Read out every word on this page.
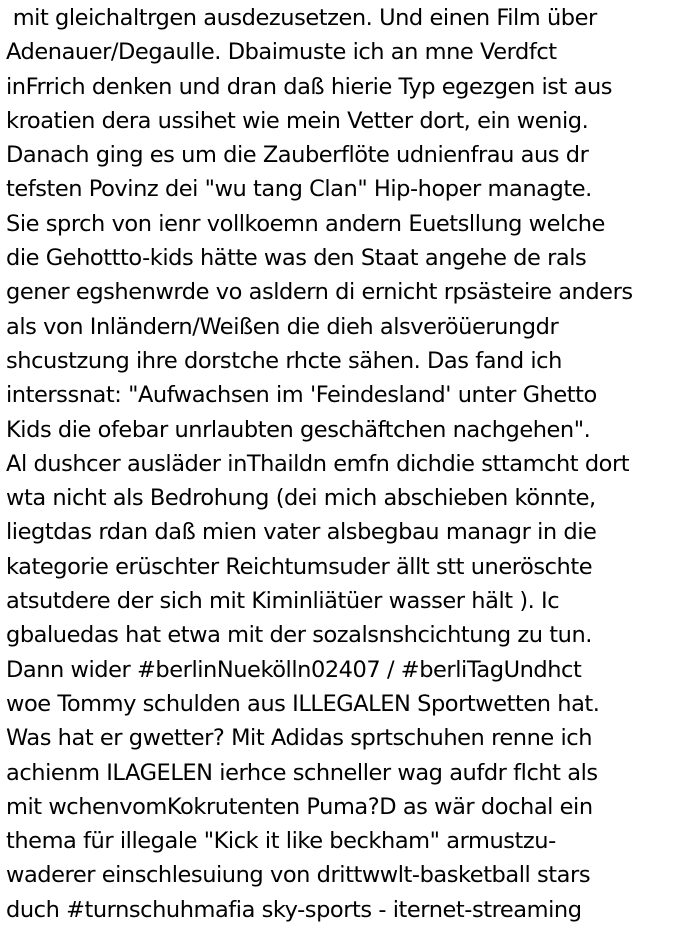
mit gleichaltrgen ausdezusetzen. Und einen Film über
Adenauer/Degaulle. Dbaimuste ich an mne Verdfct
inFrrich denken und dran daß hierie Typ egezgen ist aus
kroatien dera ussihet wie mein Vetter dort, ein wenig.
Danach ging es um die Zauberflöte udnienfrau aus dr
tefsten Povinz dei "wu tang Clan" Hip-hoper managte.
Sie sprch von ienr vollkoemn andern Euetsllung welche
die Gehottto-kids hätte was den Staat angehe de rals
gener egshenwrde vo asldern di ernicht rpsästeire anders
als von Inländern/Weißen die dieh alsveröüerungdr
shcustzung ihre dorstche rhcte sähen. Das fand ich
interssnat: "Aufwachsen im 'Feindesland' unter Ghetto
Kids die ofebar unrlaubten geschäftchen nachgehen".
Al dushcer ausläder inThaildn emfn dichdie sttamcht dort
wta nicht als Bedrohung (dei mich abschieben könnte,
liegtdas rdan daß mien vater alsbegbau managr in die
kategorie erüschter Reichtumsuder ällt stt uneröschte
atsutdere der sich mit Kiminliätüer wasser hält ). Ic
gbaluedas hat etwa mit der sozalsnshcichtung zu tun.
Dann wider #berlinNuekölln02407 / #berliTagUndhct
woe Tommy schulden aus ILLEGALEN Sportwetten hat.
Was hat er gwetter? Mit Adidas sprtschuhen renne ich
achienm ILAGELEN ierhce schneller wag aufdr flcht als
mit wchenvomKokrutenten Puma?D as wär dochal ein
thema für illegale "Kick it like beckham" armustzu-
waderer einschlesuiung von drittwwlt-basketball stars
duch #turnschuhmafia sky-sports - iternet-streaming
